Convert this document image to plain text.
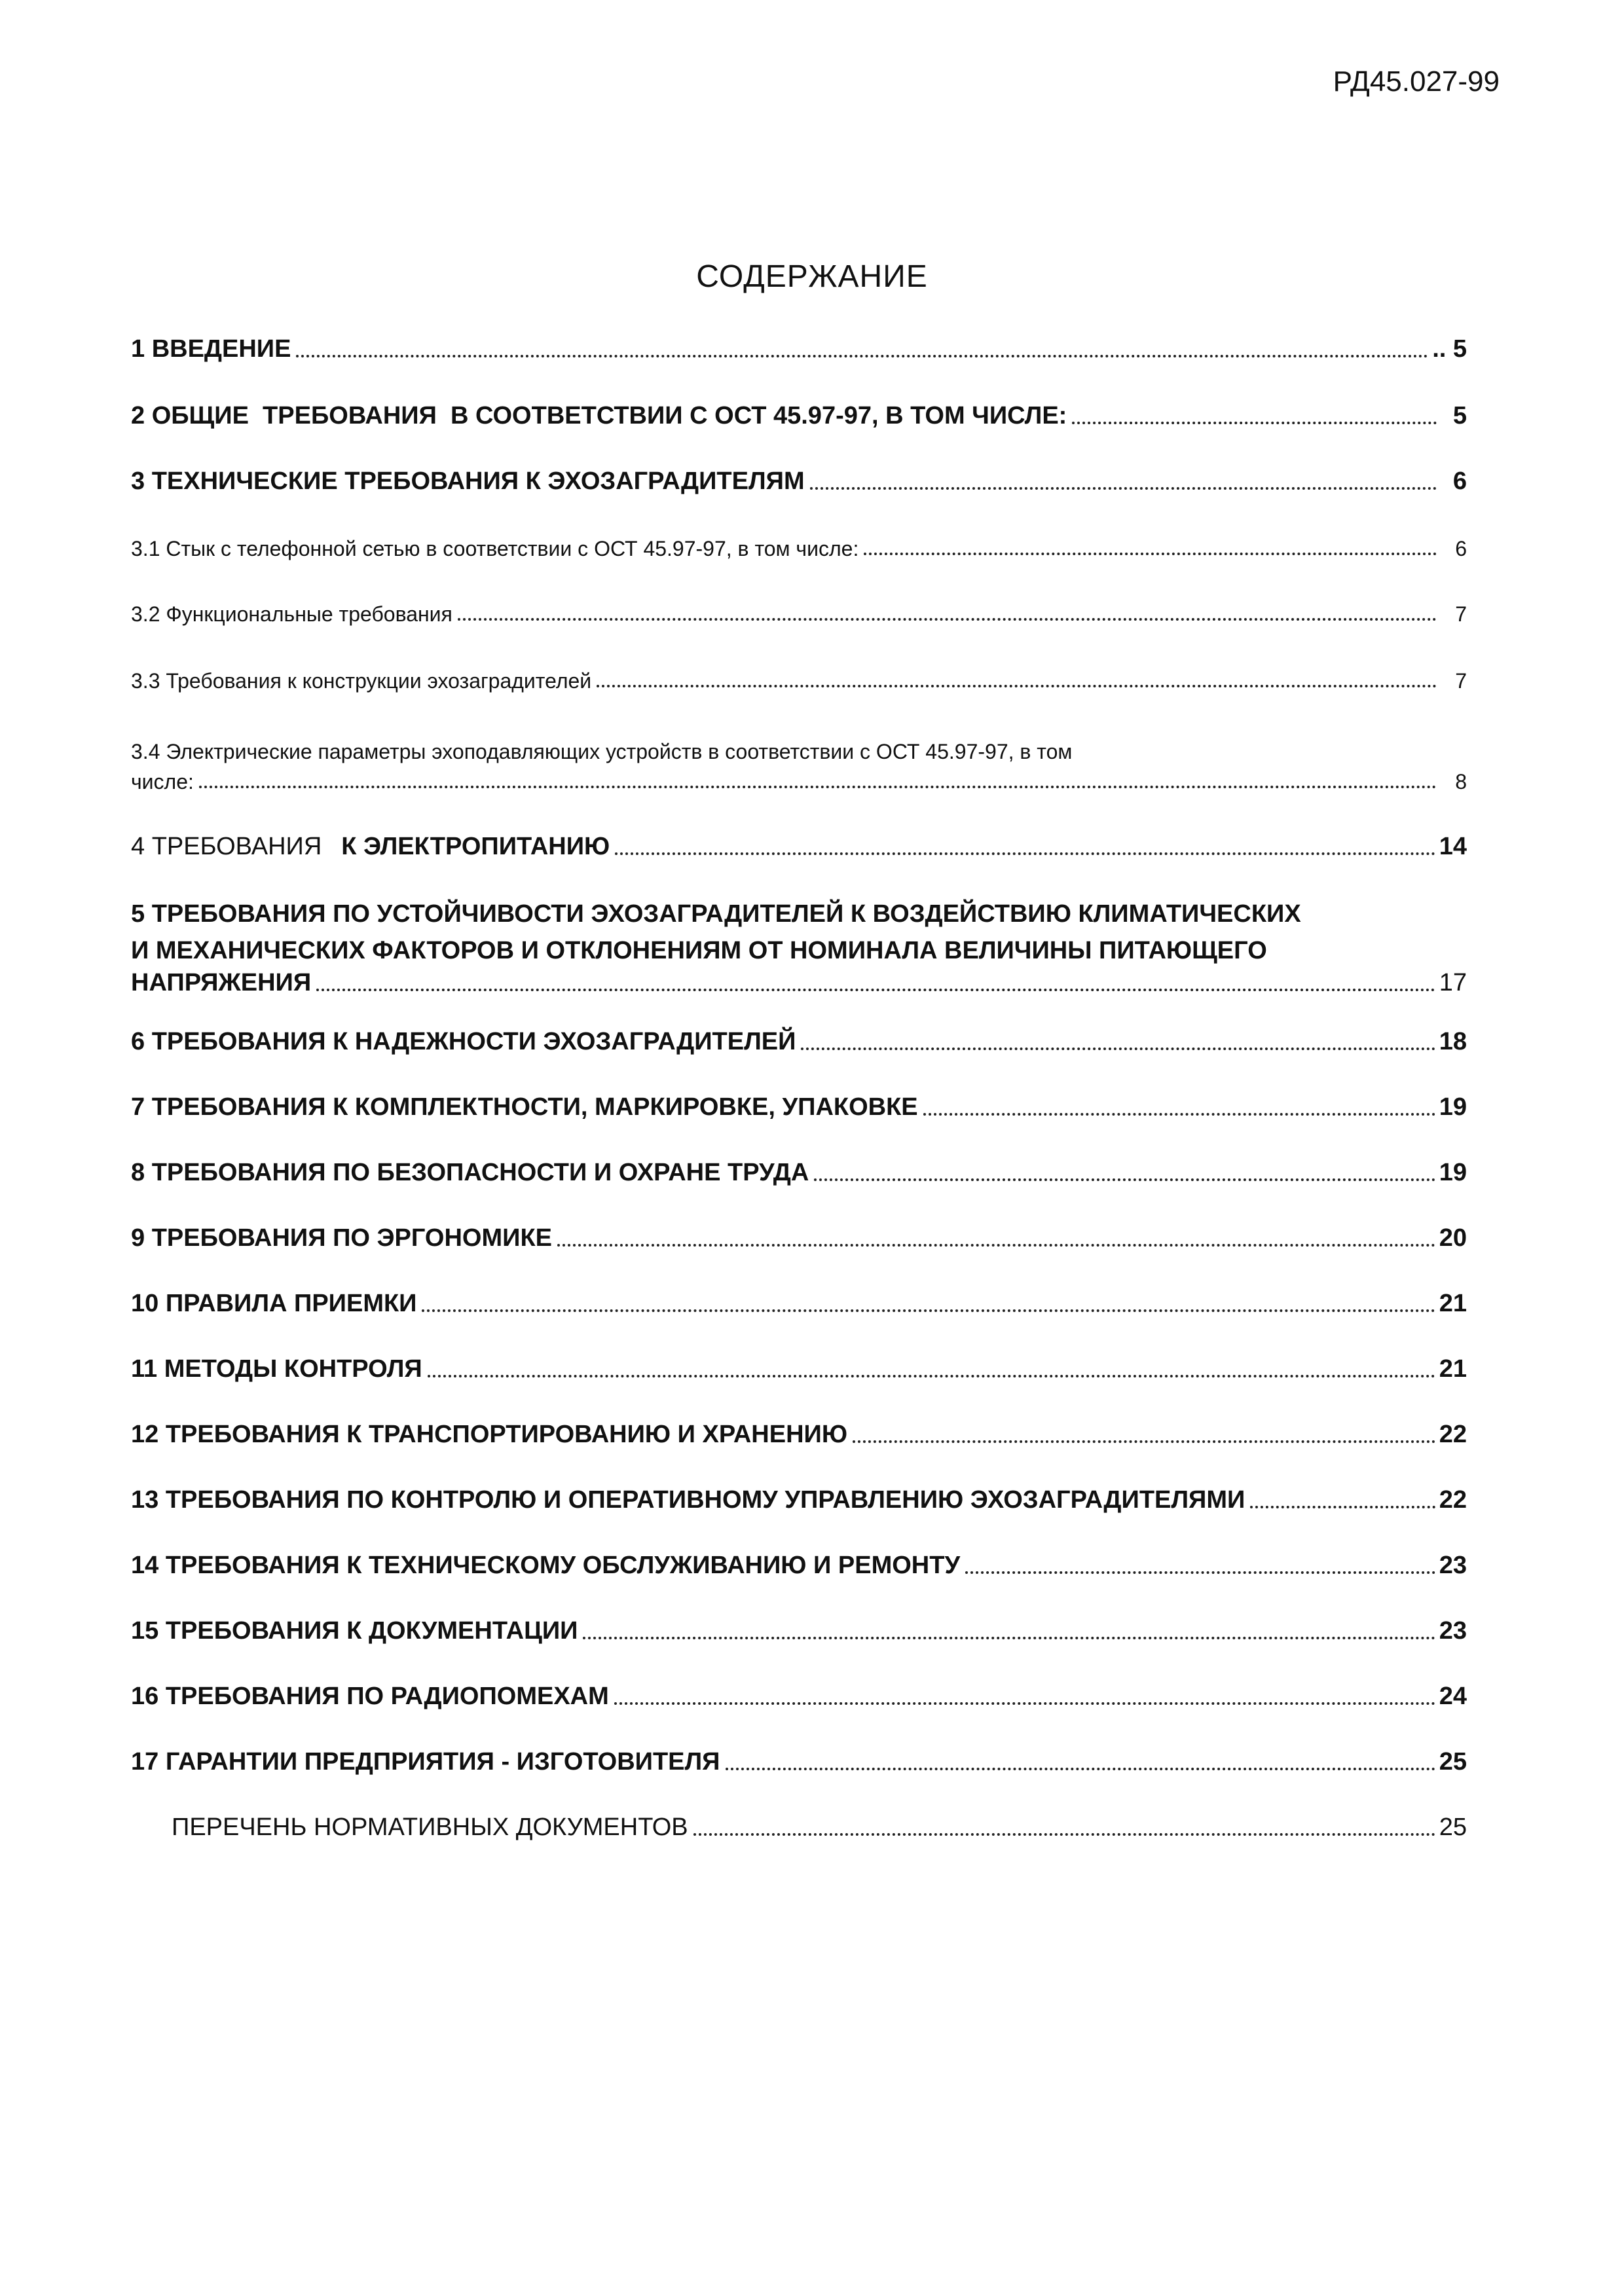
РД45.027-99
СОДЕРЖАНИЕ
1 ВВЕДЕНИЕ	.. 5
2 ОБЩИЕ  ТРЕБОВАНИЯ  В СООТВЕТСТВИИ С ОСТ 45.97-97, В ТОМ ЧИСЛЕ:	5
3 ТЕХНИЧЕСКИЕ ТРЕБОВАНИЯ К ЭХОЗАГРАДИТЕЛЯМ	6
3.1 Стык с телефонной сетью в соответствии с ОСТ 45.97-97, в том числе:	6
3.2 Функциональные требования	7
3.3 Требования к конструкции эхозаградителей	7
3.4 Электрические параметры эхоподавляющих устройств в соответствии с ОСТ 45.97-97, в том
числе:	8
4 ТРЕБОВАНИЯ К ЭЛЕКТРОПИТАНИЮ	14
5 ТРЕБОВАНИЯ ПО УСТОЙЧИВОСТИ ЭХОЗАГРАДИТЕЛЕЙ К ВОЗДЕЙСТВИЮ КЛИМАТИЧЕСКИХ
И МЕХАНИЧЕСКИХ ФАКТОРОВ И ОТКЛОНЕНИЯМ ОТ НОМИНАЛА ВЕЛИЧИНЫ ПИТАЮЩЕГО
НАПРЯЖЕНИЯ	17
6 ТРЕБОВАНИЯ К НАДЕЖНОСТИ ЭХОЗАГРАДИТЕЛЕЙ	18
7 ТРЕБОВАНИЯ К КОМПЛЕКТНОСТИ, МАРКИРОВКЕ, УПАКОВКЕ	19
8 ТРЕБОВАНИЯ ПО БЕЗОПАСНОСТИ И ОХРАНЕ ТРУДА	19
9 ТРЕБОВАНИЯ ПО ЭРГОНОМИКЕ	20
10 ПРАВИЛА ПРИЕМКИ	21
11 МЕТОДЫ КОНТРОЛЯ	21
12 ТРЕБОВАНИЯ К ТРАНСПОРТИРОВАНИЮ И ХРАНЕНИЮ	22
13 ТРЕБОВАНИЯ ПО КОНТРОЛЮ И ОПЕРАТИВНОМУ УПРАВЛЕНИЮ ЭХОЗАГРАДИТЕЛЯМИ	22
14 ТРЕБОВАНИЯ К ТЕХНИЧЕСКОМУ ОБСЛУЖИВАНИЮ И РЕМОНТУ	23
15 ТРЕБОВАНИЯ К ДОКУМЕНТАЦИИ	23
16 ТРЕБОВАНИЯ ПО РАДИОПОМЕХАМ	24
17 ГАРАНТИИ ПРЕДПРИЯТИЯ - ИЗГОТОВИТЕЛЯ	25
ПЕРЕЧЕНЬ НОРМАТИВНЫХ ДОКУМЕНТОВ	25
